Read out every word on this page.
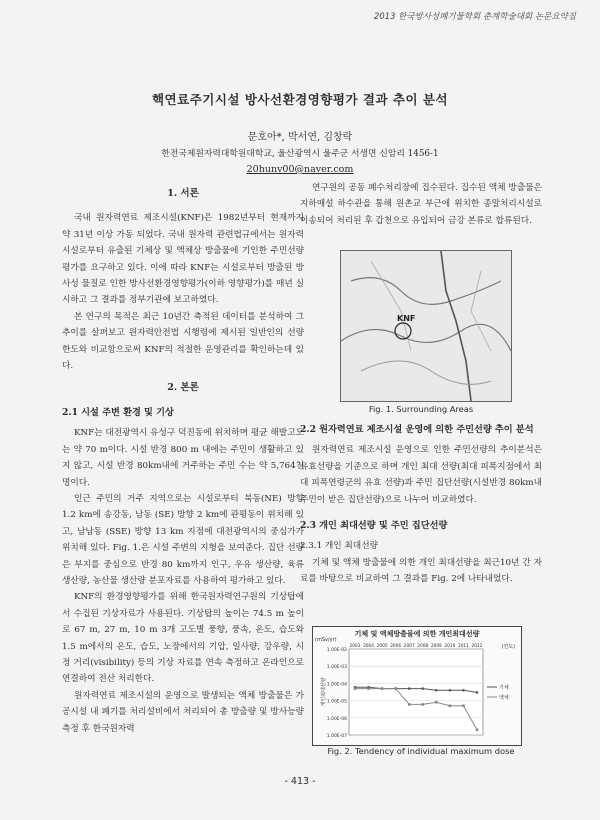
2013 한국방사성폐기물학회 춘계학술대회 논문요약집
핵연료주기시설 방사선환경영향평가 결과 추이 분석
문호아*, 박서연, 김창락
한전국제원자력대학원대학교, 울산광역시 울주군 서생면 신암리 1456-1
20hunv00@naver.com
1. 서론

국내 원자력연료 제조시설(KNF)은 1982년부터 현재까지 약 31년 이상 가동 되었다. 국내 원자력 관련법규에서는 원자력시설로부터 유출된 기체상 및 액체상 방출물에 기인한 주민선량평가를 요구하고 있다. 이에 따라 KNF는 시설로부터 방출된 방사성 물질로 인한 방사선환경영향평가(이하 영향평가)를 매년 실시하고 그 결과를 정부기관에 보고하였다.

본 연구의 목적은 최근 10년간 축적된 데이터를 분석하여 그 추이를 살펴보고 원자력안전법 시행령에 제시된 일반인의 선량한도와 비교함으로써 KNF의 적절한 운영관리를 확인하는데 있다.

2. 본론
2.1 시설 주변 환경 및 기상

KNF는 대전광역시 유성구 덕진동에 위치하며 평균 해발고도는 약 70 m이다. 시설 반경 800 m 내에는 주민이 생활하고 있지 않고, 시설 반경 80km내에 거주하는 주민 수는 약 5,764천명이다.

인근 주민의 거주 지역으로는 시설로부터 북동(NE) 방향 1.2 km에 송강동, 남동 (SE) 방향 2 km에 관평동이 위치해 있고, 남남동 (SSE) 방향 13 km 지점에 대전광역시의 중심가가 위치해 있다. Fig. 1.은 시설 주변의 지형을 보여준다. 집단 선량은 부지를 중심으로 반경 80 km까지 인구, 우유 생산량, 육류 생산량, 농산물 생산량 분포자료를 사용하여 평가하고 있다.

KNF의 환경영향평가를 위해 한국원자력연구원의 기상탑에서 수집된 기상자료가 사용된다. 기상탑의 높이는 74.5 m 높이로 67 m, 27 m, 10 m 3개 고도별 풍향, 풍속, 온도, 습도와 1.5 m에서의 온도, 습도, 노장에서의 기압, 일사량, 강우량, 시정 거리(visibility) 등의 기상 자료를 연속 측정하고 온라인으로 연결하여 전산 처리한다.

원자력연료 제조시설의 운영으로 발생되는 액체 방출물은 가공시설 내 폐기를 처리설비에서 처리되어 총 방출량 및 방사능량 측정 후 한국원자력

연구원의 공동 폐수처리장에 집수된다. 집수된 액체 방출물은 지하매설 하수관을 통해 원촌교 부근에 위치한 종말처리시설로 이송되어 처리된 후 갑천으로 유입되어 금강 본류로 합류된다.

KNF
Fig. 1. Surrounding Areas
2.2 원자력연료 제조시설 운영에 의한 주민선량 추이 분석

원자력연료 제조시설 운영으로 인한 주민선량의 추이분석은 유효선량을 기준으로 하며 개인 최대 선량(최대 피폭지점에서 최대 피폭연령군의 유효 선량)과 주민 집단선량(시설반경 80km내 주민이 받은 집단선량)으로 나누어 비교하였다.

2.3 개인 최대선량 및 주민 집단선량
2.3.1 개인 최대선량

기체 및 액체 방출물에 의한 개인 최대선량을 최근10년 간 자료를 바탕으로 비교하여 그 결과를 Fig. 2에 나타내었다.

기체 및 액체방출물에 의한 개인최대선량
(mSv/yr)
(연도)
1.00E-02
1.00E-03
1.00E-04
1.00E-05
1.00E-06
1.00E-07
2003 2004 2005 2006 2007 2008 2009 2010 2011 2012
개인최대선량	기체
액체
Fig. 2. Tendency of individual maximum dose
- 413 -
